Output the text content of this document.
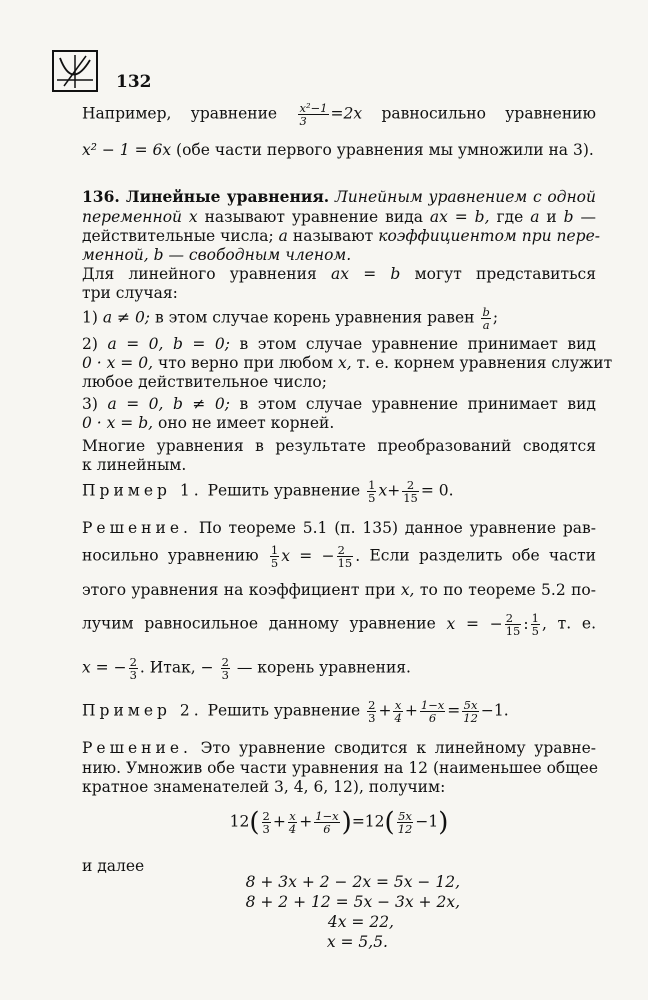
132
Например, уравнение $\frac{\text{x²−1}}{3} =2x$ равносильно уравнению
x² − 1 = 6x (обе части первого уравнения мы умножили на 3).
136. Линейные уравнения. Линейным уравнением с одной
переменной x называют уравнение вида ax = b, где a и b —
действительные числа; a называют коэффициентом при пере-
менной, b — свободным членом.
Для линейного уравнения ax = b могут представиться
три случая:
1) a ≠ 0; в этом случае корень уравнения равен $\frac{b}{a}$ ;
2) a = 0, b = 0; в этом случае уравнение принимает вид
0 · x = 0, что верно при любом x, т. е. корнем уравнения служит
любое действительное число;
3) a = 0, b ≠ 0; в этом случае уравнение принимает вид
0 · x = b, оно не имеет корней.
Многие уравнения в результате преобразований сводятся
к линейным.
Пример 1. Решить уравнение $\frac{1}{5} x+ \frac{2}{15} = 0$.
Решение. По теореме 5.1 (п. 135) данное уравнение рав-
носильно уравнению $\frac{1}{5}$ x = − $\frac{2}{15}$ . Если разделить обе части
этого уравнения на коэффициент при x, то по теореме 5.2 по-
лучим равносильное данному уравнение x = − $\frac{2}{15}$ : $\frac{1}{5}$ , т. е.
x = − $\frac{2}{3}$ . Итак, − $\frac{2}{3}$ — корень уравнения.
Пример 2. Решить уравнение $\frac{2}{3} + \frac{x}{4} + \frac{1-x}{6} = \frac{5x}{12} -1$.
Решение. Это уравнение сводится к линейному уравне-
нию. Умножив обе части уравнения на 12 (наименьшее общее
кратное знаменателей 3, 4, 6, 12), получим:
$12( \frac{2}{3} + \frac{x}{4} + \frac{1-x}{6} )=12( \frac{5x}{12} -1)$
и далее
8 + 3x + 2 − 2x = 5x − 12,
8 + 2 + 12 = 5x − 3x + 2x,
4x = 22,
x = 5,5.
